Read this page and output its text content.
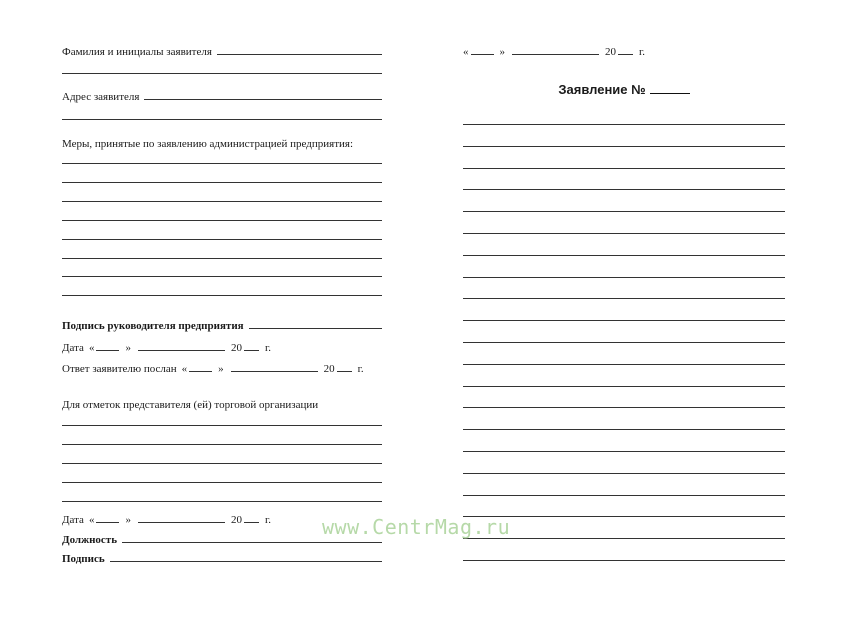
Фамилия и инициалы заявителя
Адрес заявителя
Меры, принятые по заявлению администрацией предприятия:
Подпись руководителя предприятия
Дата «	»	20 г.
Ответ заявителю послан «	»	20 г.
Для отметок представителя (ей) торговой организации
Дата «	»	20 г.
Должность
Подпись
«	»	20 г.
Заявление №
www.CentrMag.ru
